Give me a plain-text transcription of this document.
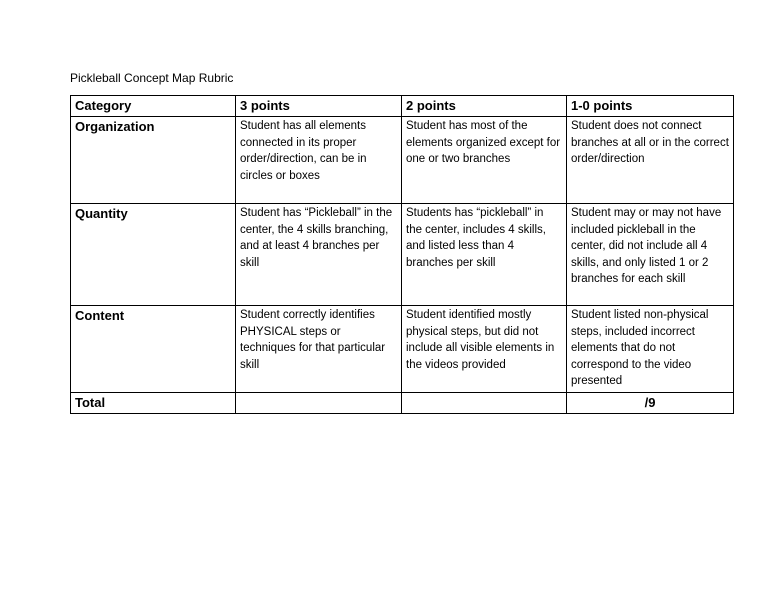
Pickleball Concept Map Rubric
Category	3 points	2 points	1-0 points
Organization	Student has all elements connected in its proper order/direction, can be in circles or boxes	Student has most of the elements organized except for one or two branches	Student does not connect branches at all or in the correct order/direction
Quantity	Student has “Pickleball” in the center, the 4 skills branching, and at least 4 branches per skill	Students has “pickleball” in the center, includes 4 skills, and listed less than 4 branches per skill	Student may or may not have included pickleball in the center, did not include all 4 skills, and only listed 1 or 2 branches for each skill
Content	Student correctly identifies PHYSICAL steps or techniques for that particular skill	Student identified mostly physical steps, but did not include all visible elements in the videos provided	Student listed non-physical steps, included incorrect elements that do not correspond to the video presented
Total			/9
